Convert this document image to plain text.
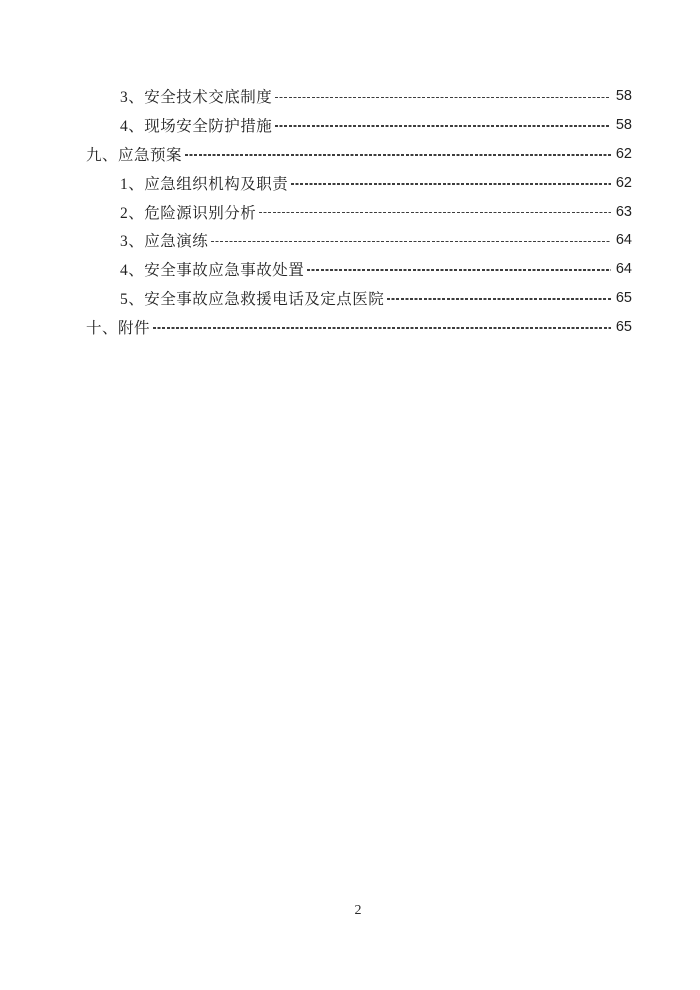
3、安全技术交底制度	58
4、现场安全防护措施	58
九、应急预案	62
1、应急组织机构及职责	62
2、危险源识别分析	63
3、应急演练	64
4、安全事故应急事故处置	64
5、安全事故应急救援电话及定点医院	65
十、附件	65
2
